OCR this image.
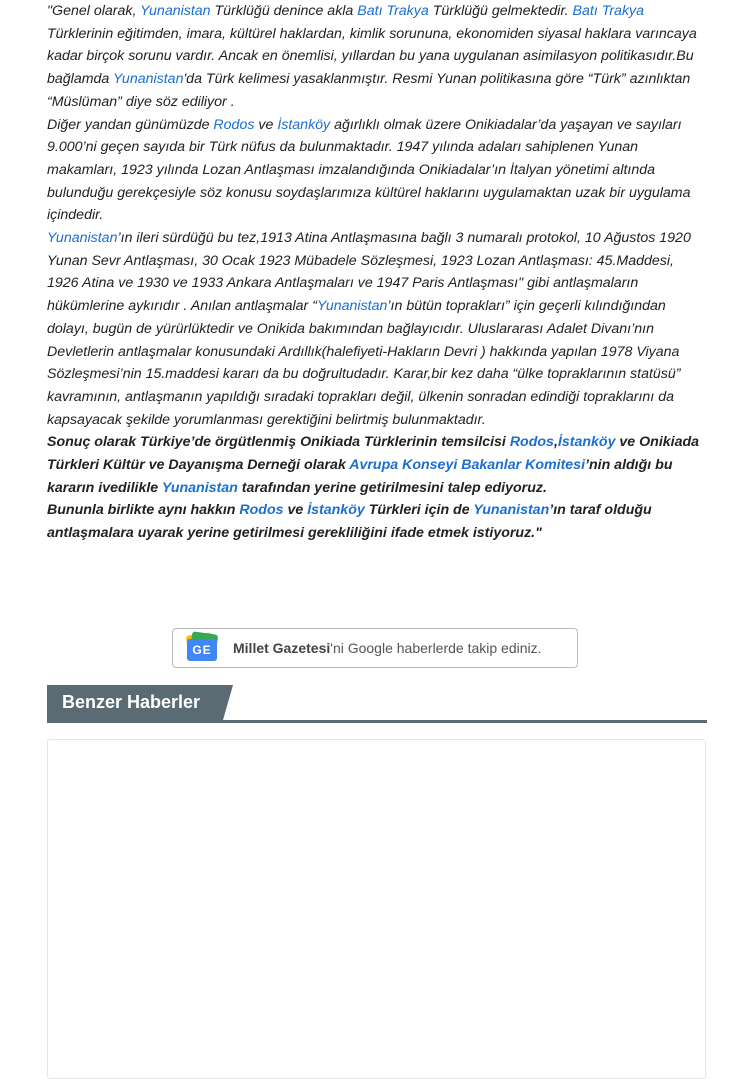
"Genel olarak, Yunanistan Türklüğü denince akla Batı Trakya Türklüğü gelmektedir. Batı Trakya Türklerinin eğitimden, imara, kültürel haklardan, kimlik sorununa, ekonomiden siyasal haklara varıncaya kadar birçok sorunu vardır. Ancak en önemlisi, yıllardan bu yana uygulanan asimilasyon politikasıdır.Bu bağlamda Yunanistan'da Türk kelimesi yasaklanmıştır. Resmi Yunan politikasına göre “Türk” azınlıktan “Müslüman” diye söz ediliyor .

Diğer yandan günümüzde Rodos ve İstanköy ağırlıklı olmak üzere Onikiadalar’da yaşayan ve sayıları 9.000’ni geçen sayıda bir Türk nüfus da bulunmaktadır. 1947 yılında adaları sahiplenen Yunan makamları, 1923 yılında Lozan Antlaşması imzalandığında Onikiadalar’ın İtalyan yönetimi altında bulunduğu gerekçesiyle söz konusu soydaşlarımıza kültürel haklarını uygulamaktan uzak bir uygulama içindedir.

Yunanistan’ın ileri sürdüğü bu tez,1913 Atina Antlaşmasına bağlı 3 numaralı protokol, 10 Ağustos 1920 Yunan Sevr Antlaşması, 30 Ocak 1923 Mübadele Sözleşmesi, 1923 Lozan Antlaşması: 45.Maddesi, 1926 Atina ve 1930 ve 1933 Ankara Antlaşmaları ve 1947 Paris Antlaşması" gibi antlaşmaların hükümlerine aykırıdır . Anılan antlaşmalar “Yunanistan’ın bütün toprakları” için geçerli kılındığından dolayı, bugün de yürürlüktedir ve Onikida bakımından bağlayıcıdır. Uluslararası Adalet Divanı’nın Devletlerin antlaşmalar konusundaki Ardıllık(halefiyeti-Hakların Devri ) hakkında yapılan 1978 Viyana Sözleşmesi’nin 15.maddesi kararı da bu doğrultudadır. Karar,bir kez daha “ülke topraklarının statüsü” kavramının, antlaşmanın yapıldığı sıradaki toprakları değil, ülkenin sonradan edindiği topraklarını da kapsayacak şekilde yorumlanması gerektiğini belirtmiş bulunmaktadır.

Sonuç olarak Türkiye’de örgütlenmiş Onikiada Türklerinin temsilcisi Rodos,İstanköy ve Onikiada Türkleri Kültür ve Dayanışma Derneği olarak Avrupa Konseyi Bakanlar Komitesi’nin aldığı bu kararın ivedilikle Yunanistan tarafından yerine getirilmesini talep ediyoruz.

Bununla birlikte aynı hakkın Rodos ve İstanköy Türkleri için de Yunanistan’ın taraf olduğu antlaşmalara uyarak yerine getirilmesi gerekliliğini ifade etmek istiyoruz."

GE	Millet Gazetesi'ni Google haberlerde takip ediniz.
Benzer Haberler
